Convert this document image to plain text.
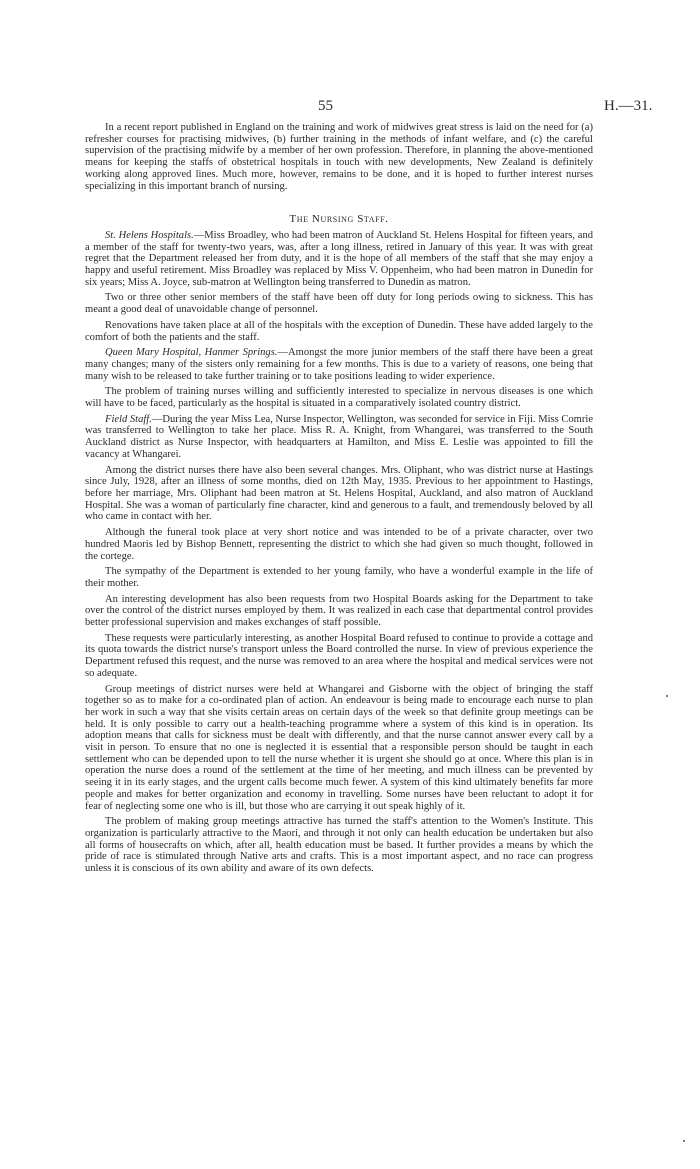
55	H.—31.

In a recent report published in England on the training and work of midwives great stress is laid on the need for (a) refresher courses for practising midwives, (b) further training in the methods of infant welfare, and (c) the careful supervision of the practising midwife by a member of her own profession. Therefore, in planning the above-mentioned means for keeping the staffs of obstetrical hospitals in touch with new developments, New Zealand is definitely working along approved lines. Much more, however, remains to be done, and it is hoped to further interest nurses specializing in this important branch of nursing.

The Nursing Staff.

St. Helens Hospitals.—Miss Broadley, who had been matron of Auckland St. Helens Hospital for fifteen years, and a member of the staff for twenty-two years, was, after a long illness, retired in January of this year. It was with great regret that the Department released her from duty, and it is the hope of all members of the staff that she may enjoy a happy and useful retirement. Miss Broadley was replaced by Miss V. Oppenheim, who had been matron in Dunedin for six years; Miss A. Joyce, sub-matron at Wellington being transferred to Dunedin as matron.

Two or three other senior members of the staff have been off duty for long periods owing to sickness. This has meant a good deal of unavoidable change of personnel.

Renovations have taken place at all of the hospitals with the exception of Dunedin. These have added largely to the comfort of both the patients and the staff.

Queen Mary Hospital, Hanmer Springs.—Amongst the more junior members of the staff there have been a great many changes; many of the sisters only remaining for a few months. This is due to a variety of reasons, one being that many wish to be released to take further training or to take positions leading to wider experience.

The problem of training nurses willing and sufficiently interested to specialize in nervous diseases is one which will have to be faced, particularly as the hospital is situated in a comparatively isolated country district.

Field Staff.—During the year Miss Lea, Nurse Inspector, Wellington, was seconded for service in Fiji. Miss Comrie was transferred to Wellington to take her place. Miss R. A. Knight, from Whangarei, was transferred to the South Auckland district as Nurse Inspector, with headquarters at Hamilton, and Miss E. Leslie was appointed to fill the vacancy at Whangarei.

Among the district nurses there have also been several changes. Mrs. Oliphant, who was district nurse at Hastings since July, 1928, after an illness of some months, died on 12th May, 1935. Previous to her appointment to Hastings, before her marriage, Mrs. Oliphant had been matron at St. Helens Hospital, Auckland, and also matron of Auckland Hospital. She was a woman of particularly fine character, kind and generous to a fault, and tremendously beloved by all who came in contact with her.

Although the funeral took place at very short notice and was intended to be of a private character, over two hundred Maoris led by Bishop Bennett, representing the district to which she had given so much thought, followed in the cortege.

The sympathy of the Department is extended to her young family, who have a wonderful example in the life of their mother.

An interesting development has also been requests from two Hospital Boards asking for the Department to take over the control of the district nurses employed by them. It was realized in each case that departmental control provides better professional supervision and makes exchanges of staff possible.

These requests were particularly interesting, as another Hospital Board refused to continue to provide a cottage and its quota towards the district nurse's transport unless the Board controlled the nurse. In view of previous experience the Department refused this request, and the nurse was removed to an area where the hospital and medical services were not so adequate.

Group meetings of district nurses were held at Whangarei and Gisborne with the object of bringing the staff together so as to make for a co-ordinated plan of action. An endeavour is being made to encourage each nurse to plan her work in such a way that she visits certain areas on certain days of the week so that definite group meetings can be held. It is only possible to carry out a health-teaching programme where a system of this kind is in operation. Its adoption means that calls for sickness must be dealt with differently, and that the nurse cannot answer every call by a visit in person. To ensure that no one is neglected it is essential that a responsible person should be taught in each settlement who can be depended upon to tell the nurse whether it is urgent she should go at once. Where this plan is in operation the nurse does a round of the settlement at the time of her meeting, and much illness can be prevented by seeing it in its early stages, and the urgent calls become much fewer. A system of this kind ultimately benefits far more people and makes for better organization and economy in travelling. Some nurses have been reluctant to adopt it for fear of neglecting some one who is ill, but those who are carrying it out speak highly of it.

The problem of making group meetings attractive has turned the staff's attention to the Women's Institute. This organization is particularly attractive to the Maori, and through it not only can health education be undertaken but also all forms of housecrafts on which, after all, health education must be based. It further provides a means by which the pride of race is stimulated through Native arts and crafts. This is a most important aspect, and no race can progress unless it is conscious of its own ability and aware of its own defects.
